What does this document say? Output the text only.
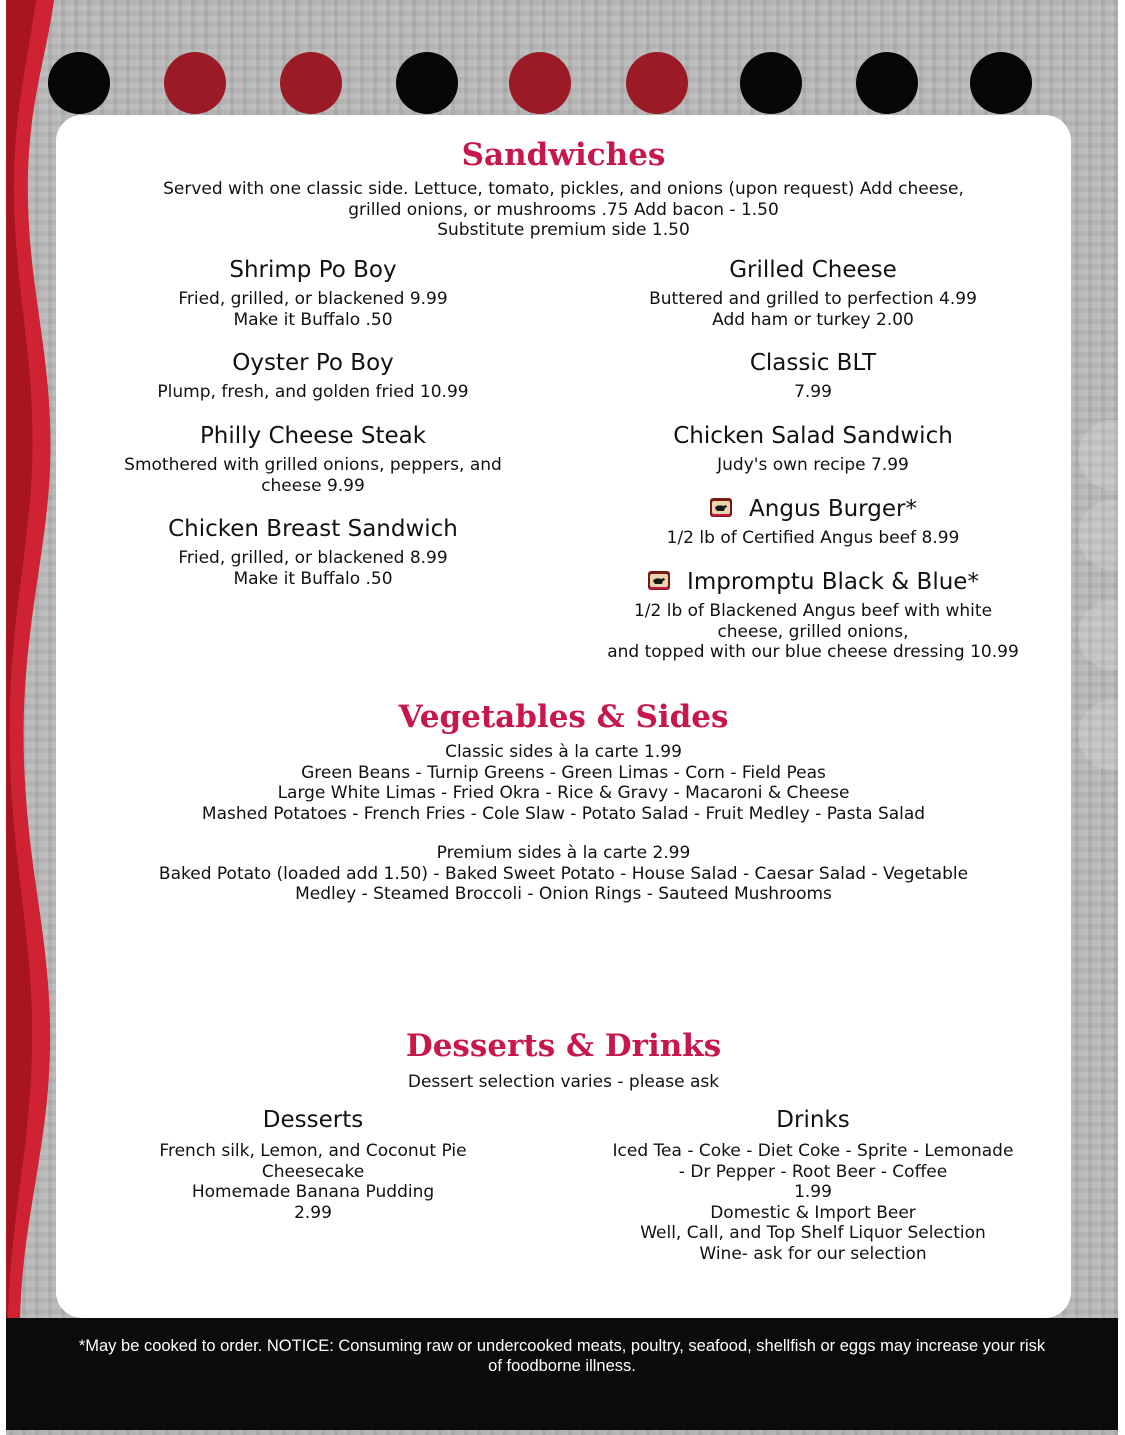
Sandwiches
Served with one classic side. Lettuce, tomato, pickles, and onions (upon request) Add cheese,
grilled onions, or mushrooms .75 Add bacon - 1.50
Substitute premium side 1.50
Shrimp Po Boy
Fried, grilled, or blackened 9.99
Make it Buffalo .50
Oyster Po Boy
Plump, fresh, and golden fried 10.99
Philly Cheese Steak
Smothered with grilled onions, peppers, and
cheese 9.99
Chicken Breast Sandwich
Fried, grilled, or blackened 8.99
Make it Buffalo .50
Grilled Cheese
Buttered and grilled to perfection 4.99
Add ham or turkey 2.00
Classic BLT
7.99
Chicken Salad Sandwich
Judy's own recipe 7.99
Angus Burger*
1/2 lb of Certified Angus beef 8.99
Impromptu Black & Blue*
1/2 lb of Blackened Angus beef with white
cheese, grilled onions,
and topped with our blue cheese dressing 10.99
Vegetables & Sides
Classic sides à la carte 1.99
Green Beans - Turnip Greens - Green Limas - Corn - Field Peas
Large White Limas - Fried Okra - Rice & Gravy - Macaroni & Cheese
Mashed Potatoes - French Fries - Cole Slaw - Potato Salad - Fruit Medley - Pasta Salad
Premium sides à la carte 2.99
Baked Potato (loaded add 1.50) - Baked Sweet Potato - House Salad - Caesar Salad - Vegetable
Medley - Steamed Broccoli - Onion Rings - Sauteed Mushrooms
Desserts & Drinks
Dessert selection varies - please ask
Desserts
French silk, Lemon, and Coconut Pie
Cheesecake
Homemade Banana Pudding
2.99
Drinks
Iced Tea - Coke - Diet Coke - Sprite - Lemonade
- Dr Pepper - Root Beer - Coffee
1.99
Domestic & Import Beer
Well, Call, and Top Shelf Liquor Selection
Wine- ask for our selection
*May be cooked to order. NOTICE: Consuming raw or undercooked meats, poultry, seafood, shellfish or eggs may increase your risk of foodborne illness.
